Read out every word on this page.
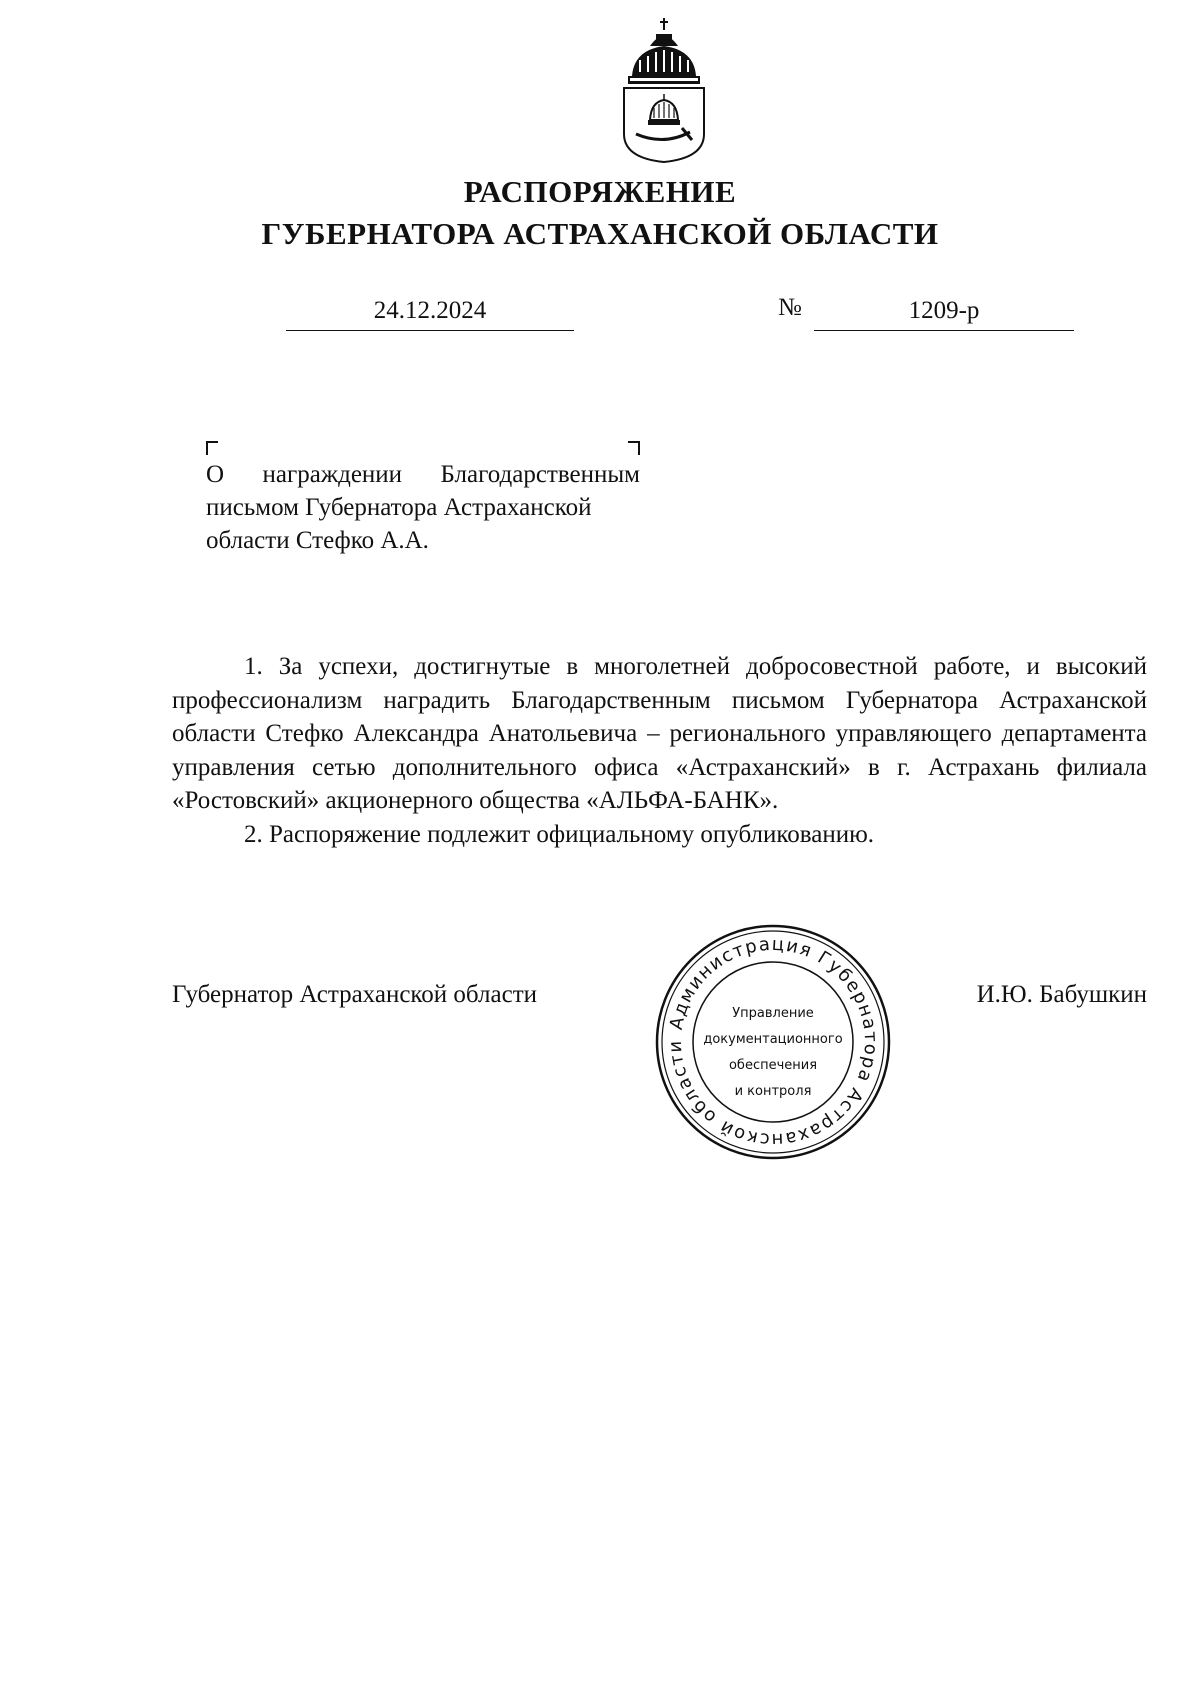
РАСПОРЯЖЕНИЕ
ГУБЕРНАТОРА АСТРАХАНСКОЙ ОБЛАСТИ
24.12.2024	№	1209-р
О награждении Благодарственным
письмом Губернатора Астраханской
области Стефко А.А.

1. За успехи, достигнутые в многолетней добросовестной работе, и высокий профессионализм наградить Благодарственным письмом Губернатора Астраханской области Стефко Александра Анатольевича – регионального управляющего департамента управления сетью дополнительного офиса «Астраханский» в г. Астрахань филиала «Ростовский» акционерного общества «АЛЬФА-БАНК».

2. Распоряжение подлежит официальному опубликованию.

Губернатор Астраханской области	И.Ю. Бабушкин
Администрация Губернатора Астраханской области
Управление
документационного
обеспечения
и контроля
